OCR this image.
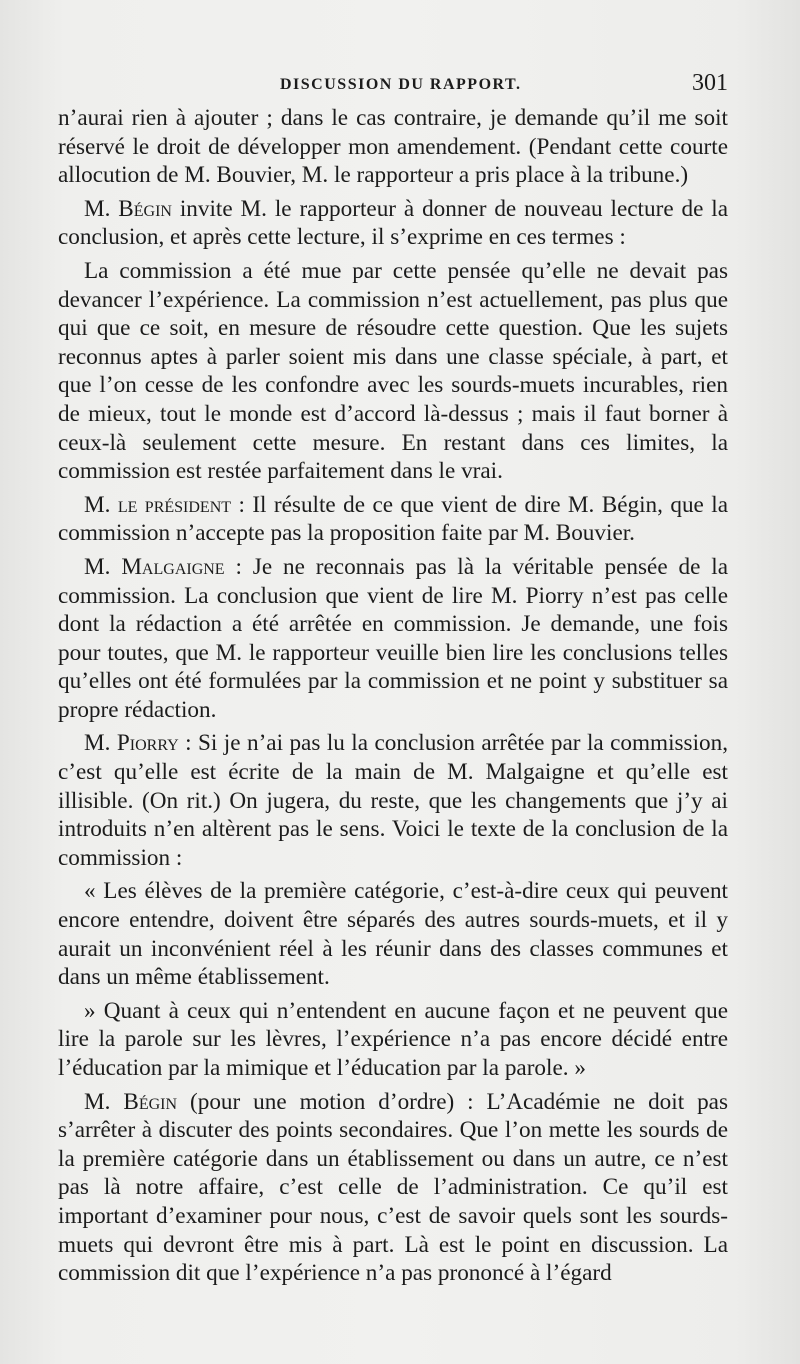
DISCUSSION DU RAPPORT.	301

n’aurai rien à ajouter ; dans le cas contraire, je demande qu’il me soit réservé le droit de développer mon amendement. (Pendant cette courte allocution de M. Bouvier, M. le rapporteur a pris place à la tribune.)

M. Bégin invite M. le rapporteur à donner de nouveau lecture de la conclusion, et après cette lecture, il s’exprime en ces termes :

La commission a été mue par cette pensée qu’elle ne devait pas devancer l’expérience. La commission n’est actuellement, pas plus que qui que ce soit, en mesure de résoudre cette question. Que les sujets reconnus aptes à parler soient mis dans une classe spéciale, à part, et que l’on cesse de les confondre avec les sourds-muets incurables, rien de mieux, tout le monde est d’accord là-dessus ; mais il faut borner à ceux-là seulement cette mesure. En restant dans ces limites, la commission est restée parfaitement dans le vrai.

M. le président : Il résulte de ce que vient de dire M. Bégin, que la commission n’accepte pas la proposition faite par M. Bouvier.

M. Malgaigne : Je ne reconnais pas là la véritable pensée de la commission. La conclusion que vient de lire M. Piorry n’est pas celle dont la rédaction a été arrêtée en commission. Je demande, une fois pour toutes, que M. le rapporteur veuille bien lire les conclusions telles qu’elles ont été formulées par la commission et ne point y substituer sa propre rédaction.

M. Piorry : Si je n’ai pas lu la conclusion arrêtée par la commission, c’est qu’elle est écrite de la main de M. Malgaigne et qu’elle est illisible. (On rit.) On jugera, du reste, que les changements que j’y ai introduits n’en altèrent pas le sens. Voici le texte de la conclusion de la commission :

« Les élèves de la première catégorie, c’est-à-dire ceux qui peuvent encore entendre, doivent être séparés des autres sourds-muets, et il y aurait un inconvénient réel à les réunir dans des classes communes et dans un même établissement.

» Quant à ceux qui n’entendent en aucune façon et ne peuvent que lire la parole sur les lèvres, l’expérience n’a pas encore décidé entre l’éducation par la mimique et l’éducation par la parole. »

M. Bégin (pour une motion d’ordre) : L’Académie ne doit pas s’arrêter à discuter des points secondaires. Que l’on mette les sourds de la première catégorie dans un établissement ou dans un autre, ce n’est pas là notre affaire, c’est celle de l’administration. Ce qu’il est important d’examiner pour nous, c’est de savoir quels sont les sourds-muets qui devront être mis à part. Là est le point en discussion. La commission dit que l’expérience n’a pas prononcé à l’égard
